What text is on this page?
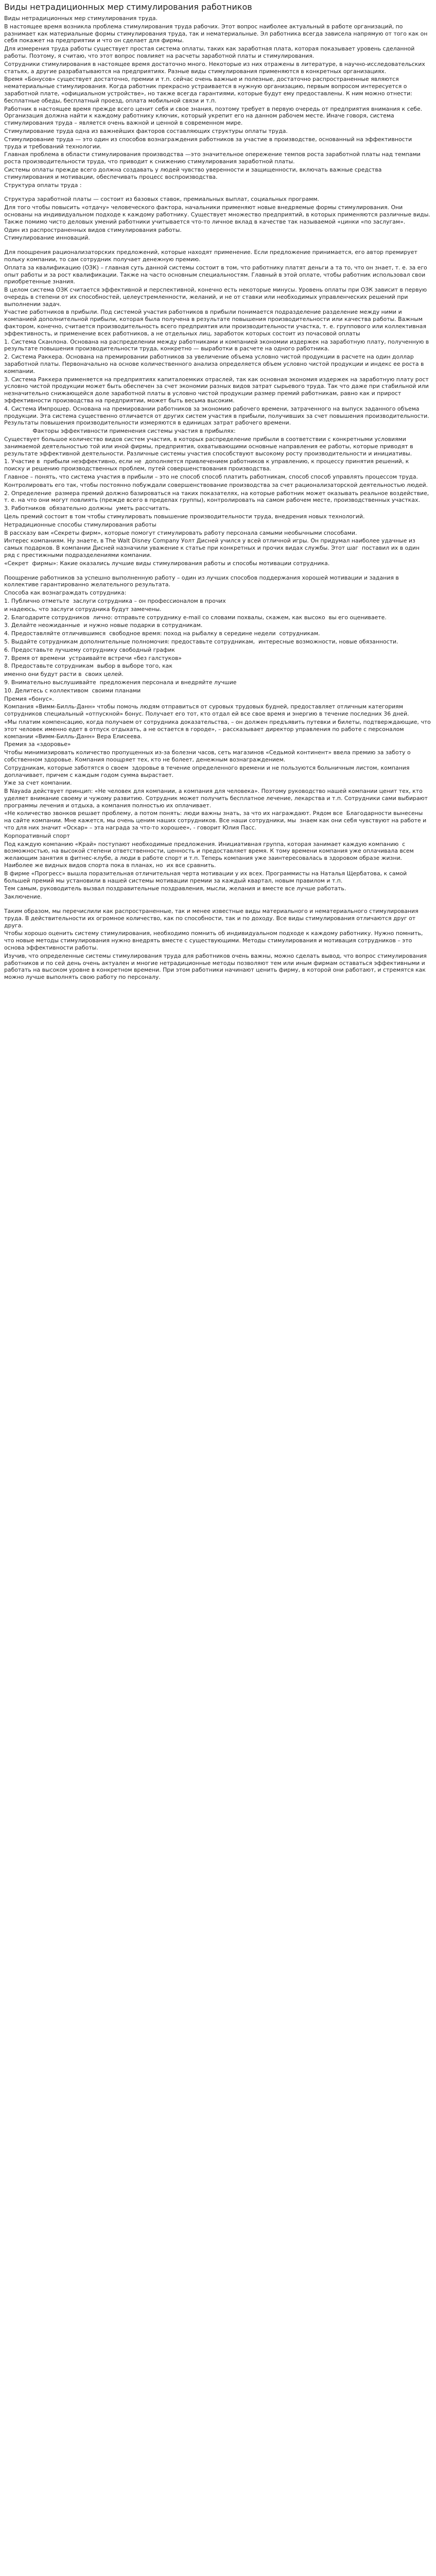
Виды нетрадиционных мер стимулирования работников

Виды нетрадиционных мер стимулирования труда.

В настоящее время возникла проблема стимулирования труда рабочих. Этот вопрос наиболее актуальный в работе организаций, по разнимает как материальные формы стимулирования труда, так и нематериальные. Эл работника всегда зависела напрямую от того как он себя покажет на предприятии и что он сделает для фирмы.

Для измерения труда работы существует простая система оплаты, таких как заработная плата, которая показывает уровень сделанной работы. Поэтому, я считаю, что этот вопрос повлияет на расчеты заработной платы и стимулирования.

Сотрудники стимулирования в настоящее время достаточно много. Некоторые из них отражены в литературе, в научно-исследовательских статьях, а другие разрабатываются на предприятиях. Разные виды стимулирования применяются в конкретных организациях.

Время «Бонусов» существует достаточно, премии и т.п. сейчас очень важные и полезные, достаточно распространенные являются нематериальные стимулирования. Когда работник прекрасно устраивается в нужную организацию, первым вопросом интересуется о заработной плате, «официальном устройстве», но также всегда гарантиями, которые будут ему предоставлены. К ним можно отнести: бесплатные обеды, бесплатный проезд, оплата мобильной связи и т.п.

Работник в настоящее время прежде всего ценит себя и свое знания, поэтому требует в первую очередь от предприятия внимания к себе. Организация должна найти к каждому работнику ключик, который укрепит его на данном рабочем месте. Иначе говоря, система стимулирования труда – является очень важной и ценной в современном мире.

Стимулирование труда одна из важнейших факторов составляющих структуры оплаты труда.

Стимулирование труда — это один из способов вознаграждения работников за участие в производстве, основанный на эффективности труда и требований технологии.

Главная проблема в области стимулирования производства —это значительное опережение темпов роста заработной платы над темпами роста производительности труда, что приводит к снижению стимулирования заработной платы.

Системы оплаты прежде всего должна создавать у людей чувство уверенности и защищенности, включать важные средства стимулирования и мотивации, обеспечивать процесс воспроизводства.

Структура оплаты труда :

Структура заработной платы — состоит из базовых ставок, премиальных выплат, социальных программ.

Для того чтобы повысить «отдачу» человеческого фактора, начальники применяют новые внедряемые формы стимулирования. Они основаны на индивидуальном подходе к каждому работнику. Существует множество предприятий, в которых применяются различные виды. Также помимо чисто деловых умений работники учитывается что-то личное вклад в качестве так называемой «цинки «по заслугам».

Один из распространенных видов стимулирования работы.

Стимулирование инноваций.

Для поощрения рационализаторских предложений, которые находят применение. Если предложение принимается, его автор премирует польку компании, то сам сотрудник получает денежную премию.

Оплата за квалификацию (ОЗК) – главная суть данной системы состоит в том, что работнику платят деньги а та то, что он знает, т. е. за его опыт работы и за рост квалификации. Также на часто основным специальностям. Главный в этой оплате, чтобы работник использовал свои приобретенные знания.

В целом система ОЗК считается эффективной и перспективной, конечно есть некоторые минусы. Уровень оплаты при ОЗК зависит в первую очередь в степени от их способностей, целеустремленности, желаний, и не от ставки или необходимых управленческих решений при выполнении задач.

Участие работников в прибыли. Под системой участия работников в прибыли понимается подразделение разделение между ними и компанией дополнительной прибыли, которая была получена в результате повышения производительности или качества работы. Важным фактором, конечно, считается производительность всего предприятия или производительности участка, т. е. группового или коллективная эффективность, и применение всех работников, а не отдельных лиц, заработок которых состоит из почасовой оплаты

1. Система Сканлона. Основана на распределении между работниками и компанией экономии издержек на заработную плату, полученную в результате повышения производительности труда, конкретно — выработки в расчете на одного работника.

2. Система Раккера. Основана на премировании работников за увеличение объема условно чистой продукции в расчете на один доллар заработной платы. Первоначально на основе количественного анализа определяется объем условно чистой продукции и индекс ее роста в компании.

3. Система Раккера применяется на предприятиях капиталоемких отраслей, так как основная экономия издержек на заработную плату рост условно чистой продукции может быть обеспечен за счет экономии разных видов затрат сырьевого труда. Так что даже при стабильной или незначительно снижающейся доле заработной платы в условно чистой продукции размер премий работникам, равно как и прирост эффективности производства на предприятии, может быть весьма высоким.

4. Система Импрошер. Основана на премировании работников за экономию рабочего времени, затраченного на выпуск заданного объема продукции. Эта система существенно отличается от других систем участия в прибыли, получивших за счет повышения производительности. Результаты повышения производительности измеряются в единицах затрат рабочего времени.

Факторы эффективности применения системы участия в прибылях:

Существует большое количество видов систем участия, в которых распределение прибыли в соответствии с конкретными условиями занимаемой деятельностью той или иной фирмы, предприятия, охватывающими основные направления ее работы, которые приводят в результате эффективной деятельности. Различные системы участия способствуют высокому росту производительности и инициативы.

1. Участие в  прибыли неэффективно, если не  дополняется привлечением работников к управлению, к процессу принятия решений, к поиску и решению производственных проблем, путей совершенствования производства.

Главное – понять, что система участия в прибыли – это не способ способ платить работникам, способ способ управлять процессом труда.

Контролировать его так, чтобы постоянно побуждали совершенствование производства за счет рационализаторской деятельностью людей.

2. Определение  размера премий должно базироваться на таких показателях, на которые работник может оказывать реальное воздействие, т. е. на что они могут повлиять (прежде всего в пределах группы), контролировать на самом рабочем месте, производственных участках.

3. Работников  обязательно должны  уметь рассчитать.

Цель премий состоит в том чтобы стимулировать повышение производительности труда, внедрения новых технологий.

Нетрадиционные способы стимулирования работы

В рассказу вам «Секреты фирм», которые помогут стимулировать работу персонала самыми необычными способами.

Интерес компаниям. Ну знаете, в The Walt Disney Company Уолт Дисней учился у всей отличной игры. Он придумал наиболее удачные из самых подарков. В компании Дисней назначили уважение к статье при конкретных и прочих видах службы. Этот шаг  поставил их в один ряд с престижными подразделениями компании.

«Секрет  фирмы»: Какие оказались лучшие виды стимулирования работы и способы мотивации сотрудника.

Поощрение работников за успешно выполненную работу – один из лучших способов поддержания хорошей мотивации и задания в коллективе гарантированно желательного результата.

Способа как вознаграждать сотрудника:

1. Публично отметьте  заслуги сотрудника – он профессионалом в прочих

и надеюсь, что заслуги сотрудника будут замечены.

2. Благодарите сотрудников  лично: отправьте сотруднику e-mail со словами похвалы, скажем, как высоко  вы его оцениваете.

3. Делайте неожиданные  и нужно новые подарки в сотрудникам.

4. Предоставляйте отличившимся  свободное время: поход на рыбалку в середине недели  сотрудникам.

5. Выдайте сотрудникам дополнительные полномочия: предоставьте сотрудникам,  интересные возможности, новые обязанности.

6. Предоставьте лучшему сотруднику свободный график

7. Время от времени  устраивайте встречи «без галстуков»

8. Предоставьте сотрудникам  выбор в выборе того, как

именно они будут расти в  своих целей.

9. Внимательно выслушивайте  предложения персонала и внедряйте лучшие

10. Делитесь с коллективом  своими планами

Премия «бонус».

Компания «Вимм-Билль-Данн» чтобы помочь людям отправиться от суровых трудовых будней, предоставляет отличным категориям сотрудников специальный «отпускной» бонус. Получает его тот, кто отдал ей все свое время и энергию в течение последних 36 дней.

«Мы платим компенсацию, когда получаем от сотрудника доказательства, – он должен предъявить путевки и билеты, подтверждающие, что этот человек именно едет в отпуск отдыхать, а не остается в городе», – рассказывает директор управления по работе с персоналом компании «Вимм-Билль-Данн» Вера Елисеева.

Премия за «здоровье»

Чтобы минимизировать количество пропущенных из-за болезни часов, сеть магазинов «Седьмой континент» ввела премию за заботу о собственном здоровье. Компания поощряет тех, кто не болеет, денежным вознаграждением.

Сотрудникам, которые заботятся о своем  здоровье в течение определенного времени и не пользуются больничным листом, компания доплачивает, причем с каждым годом сумма вырастает.

Уже за счет компании.

В Nayada действует принцип: «Не человек для компании, а компания для человека». Поэтому руководство нашей компании ценит тех, кто уделяет внимание своему и чужому развитию. Сотрудник может получить бесплатное лечение, лекарства и т.п. Сотрудники сами выбирают программы лечения и отдыха, а компания полностью их оплачивает.

«Не количество звонков решает проблему, а потом понять: люди важны знать, за что их награждают. Рядом все  Благодарности вынесены на сайте компании. Мне кажется, мы очень ценим наших сотрудников. Все наши сотрудники, мы  знаем как они себя чувствуют на работе и что для них значит «Оскар» – эта награда за что-то хорошее», - говорит Юлия Пасс.

Корпоративный спорт

Под каждую компанию «Край» поступают необходимые предложения. Инициативная группа, которая занимает каждую компанию  с возможностью, на высокой степени ответственности, ценность и предоставляет время. К тому времени компания уже оплачивала всем желающим занятия в фитнес-клубе, а люди в работе спорт и т.п. Теперь компания уже заинтересовалась в здоровом образе жизни. Наиболее же видных видов спорта пока в планах, но  их все сравнить.

В фирме «Прогресс» вышла поразительная отличительная черта мотивации у их всех. Программисты на Наталья Щербатова, к самой большей премий мы установили в нашей системы мотивации премии за каждый квартал, новым правилом и т.п.

Тем самым, руководитель вызвал поздравительные поздравления, мысли, желания и вместе все лучше работать.

Заключение.

Таким образом, мы перечислили как распространенные, так и менее известные виды материального и нематериального стимулирования труда. В действительности их огромное количество, как по способности, так и по доходу. Все виды стимулирования отличаются друг от друга.

Чтобы хорошо оценить систему стимулирования, необходимо помнить об индивидуальном подходе к каждому работнику. Нужно помнить, что новые методы стимулирования нужно внедрять вместе с существующими. Методы стимулирования и мотивация сотрудников – это основа эффективности работы.

Изучив, что определенные системы стимулирования труда для работников очень важны, можно сделать вывод, что вопрос стимулирования работников и по сей день очень актуален и многие нетрадиционные методы позволяют тем или иным фирмам оставаться эффективными и работать на высоком уровне в конкретном времени. При этом работники начинают ценить фирму, в которой они работают, и стремятся как можно лучше выполнять свою работу по персоналу.
